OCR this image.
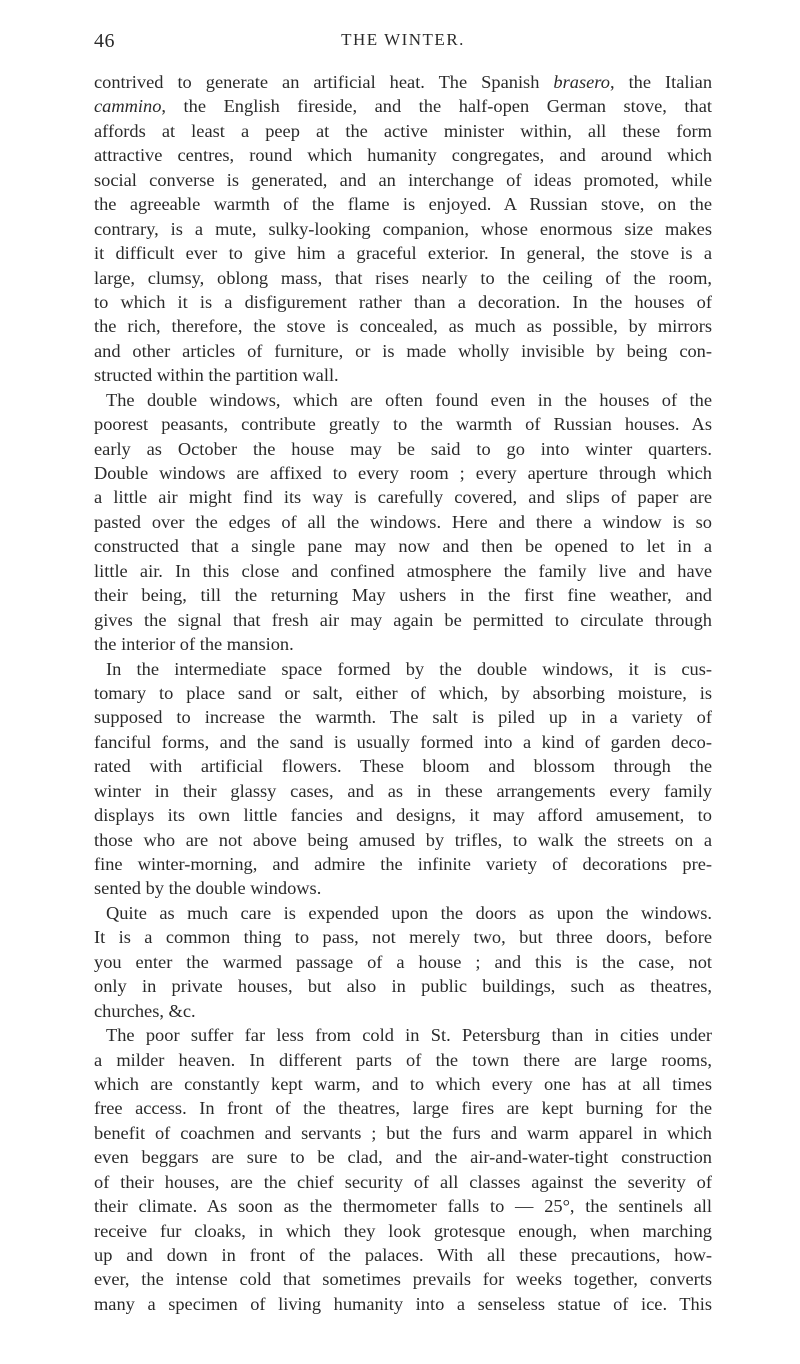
46	THE WINTER.
contrived to generate an artificial heat. The Spanish brasero, the Italian
cammino, the English fireside, and the half-open German stove, that
affords at least a peep at the active minister within, all these form
attractive centres, round which humanity congregates, and around which
social converse is generated, and an interchange of ideas promoted, while
the agreeable warmth of the flame is enjoyed. A Russian stove, on the
contrary, is a mute, sulky-looking companion, whose enormous size makes
it difficult ever to give him a graceful exterior. In general, the stove is a
large, clumsy, oblong mass, that rises nearly to the ceiling of the room,
to which it is a disfigurement rather than a decoration. In the houses of
the rich, therefore, the stove is concealed, as much as possible, by mirrors
and other articles of furniture, or is made wholly invisible by being con-
structed within the partition wall.
The double windows, which are often found even in the houses of the
poorest peasants, contribute greatly to the warmth of Russian houses. As
early as October the house may be said to go into winter quarters.
Double windows are affixed to every room ; every aperture through which
a little air might find its way is carefully covered, and slips of paper are
pasted over the edges of all the windows. Here and there a window is so
constructed that a single pane may now and then be opened to let in a
little air. In this close and confined atmosphere the family live and have
their being, till the returning May ushers in the first fine weather, and
gives the signal that fresh air may again be permitted to circulate through
the interior of the mansion.
In the intermediate space formed by the double windows, it is cus-
tomary to place sand or salt, either of which, by absorbing moisture, is
supposed to increase the warmth. The salt is piled up in a variety of
fanciful forms, and the sand is usually formed into a kind of garden deco-
rated with artificial flowers. These bloom and blossom through the
winter in their glassy cases, and as in these arrangements every family
displays its own little fancies and designs, it may afford amusement, to
those who are not above being amused by trifles, to walk the streets on a
fine winter-morning, and admire the infinite variety of decorations pre-
sented by the double windows.
Quite as much care is expended upon the doors as upon the windows.
It is a common thing to pass, not merely two, but three doors, before
you enter the warmed passage of a house ; and this is the case, not
only in private houses, but also in public buildings, such as theatres,
churches, &c.
The poor suffer far less from cold in St. Petersburg than in cities under
a milder heaven. In different parts of the town there are large rooms,
which are constantly kept warm, and to which every one has at all times
free access. In front of the theatres, large fires are kept burning for the
benefit of coachmen and servants ; but the furs and warm apparel in which
even beggars are sure to be clad, and the air-and-water-tight construction
of their houses, are the chief security of all classes against the severity of
their climate. As soon as the thermometer falls to — 25°, the sentinels all
receive fur cloaks, in which they look grotesque enough, when marching
up and down in front of the palaces. With all these precautions, how-
ever, the intense cold that sometimes prevails for weeks together, converts
many a specimen of living humanity into a senseless statue of ice. This
